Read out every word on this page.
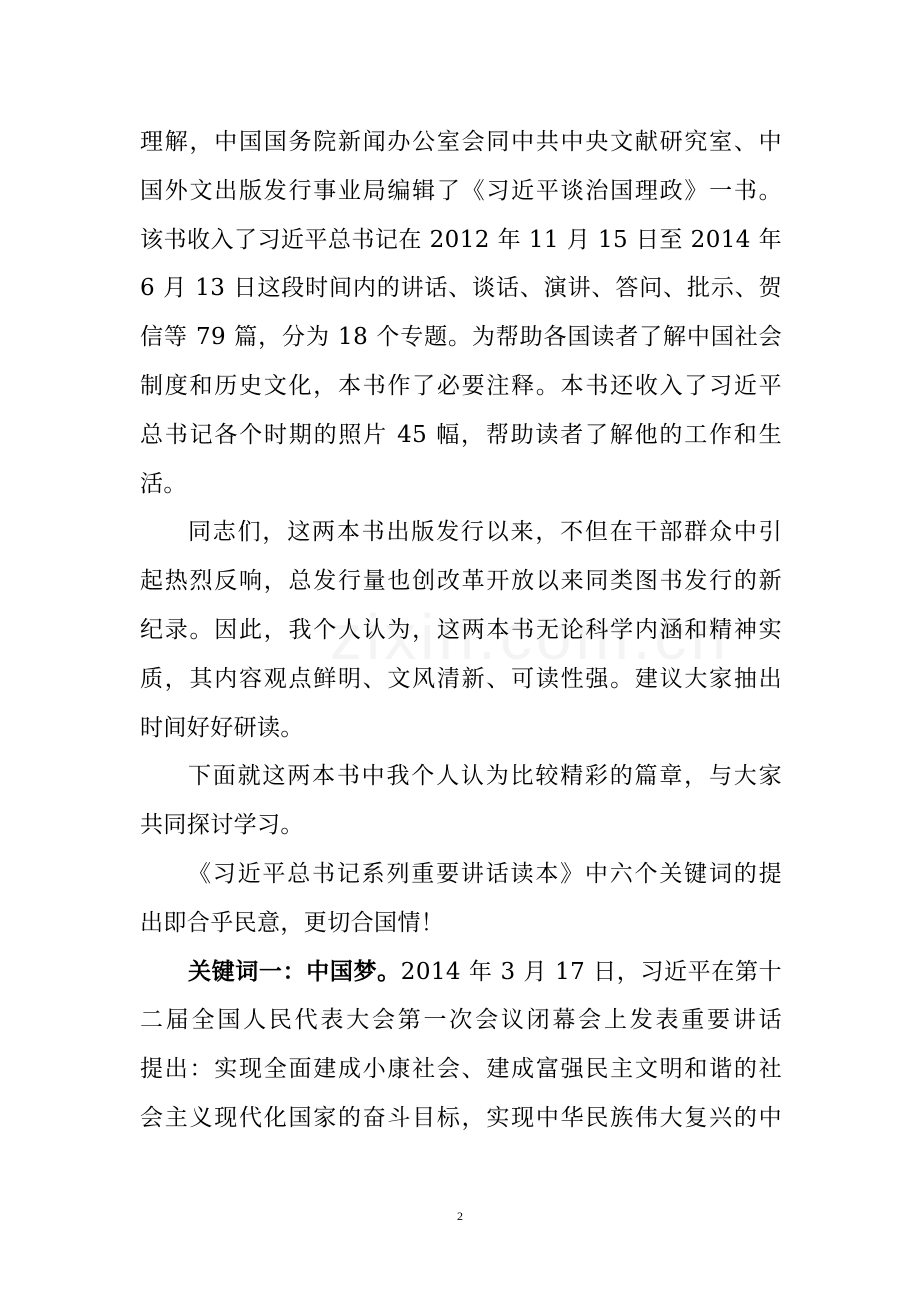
理解，中国国务院新闻办公室会同中共中央文献研究室、中
国外文出版发行事业局编辑了《习近平谈治国理政》一书。
该书收入了习近平总书记在 2012 年 11 月 15 日至 2014 年
6 月 13 日这段时间内的讲话、谈话、演讲、答问、批示、贺
信等 79 篇，分为 18 个专题。为帮助各国读者了解中国社会
制度和历史文化，本书作了必要注释。本书还收入了习近平
总书记各个时期的照片 45 幅，帮助读者了解他的工作和生
活。
同志们，这两本书出版发行以来，不但在干部群众中引
起热烈反响，总发行量也创改革开放以来同类图书发行的新
纪录。因此，我个人认为，这两本书无论科学内涵和精神实
质，其内容观点鲜明、文风清新、可读性强。建议大家抽出
时间好好研读。
下面就这两本书中我个人认为比较精彩的篇章，与大家
共同探讨学习。
《习近平总书记系列重要讲话读本》中六个关键词的提
出即合乎民意，更切合国情！
关键词一：中国梦。2014 年 3 月 17 日，习近平在第十
二届全国人民代表大会第一次会议闭幕会上发表重要讲话
提出：实现全面建成小康社会、建成富强民主文明和谐的社
会主义现代化国家的奋斗目标，实现中华民族伟大复兴的中
2
